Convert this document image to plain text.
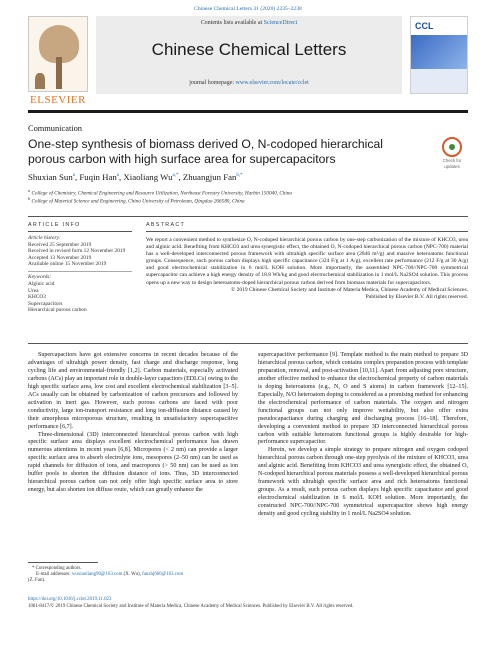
Chinese Chemical Letters 31 (2020) 2235–2238
ELSEVIER
Contents lists available at ScienceDirect
Chinese Chemical Letters
journal homepage: www.elsevier.com/locate/cclet
CCL
Communication
One-step synthesis of biomass derived O, N-codoped hierarchical porous carbon with high surface area for supercapacitors	Check for
updates
Shuxian Sun$^a$, Fuqin Han$^a$, Xiaoliang $Wu^{a,*}$, Zhuangjun Fan$^{b,*}$
$^a$ College of Chemistry, Chemical Engineering and Resource Utilization, Northeast Forestry University, Harbin 150040, China
$^b$ College of Material Science and Engineering, China University of Petroleum, Qingdao 266580, China
ARTICLE INFO	ABSTRACT
Article history:
Received 25 September 2019
Received in revised form 12 November 2019
Accepted 13 November 2019
Available online 15 November 2019
Keywords:
Alginic acid
Urea
KHCO3
Supercapacitors
Hierarchical porous carbon
We report a convenient method to synthesize O, N-codoped hierarchical porous carbon by one-step carbonization of the mixture of KHCO3, urea and alginic acid. Benefiting from KHCO3 and urea synergistic effect, the obtained O, N-codoped hierarchical porous carbon (NPC-700) material has a well-developed interconnected porous framework with ultrahigh specific surface area (2846 m²/g) and massive heteroatoms functional groups. Consequence, such porous carbon displays high specific capacitance (324 F/g at 1 A/g), excellent rate performance (212 F/g at 30 A/g) and good electrochemical stabilization in 6 mol/L KOH solution. More importantly, the assembled NPC-700//NPC-700 symmetrical supercapacitor can achieve a high energy density of 18.8 Wh/kg and good electrochemical stabilization in 1 mol/L Na2SO4 solution. This process opens up a new way to design heteroatoms-doped hierarchical porous carbon derived from biomass materials for supercapacitors.
© 2019 Chinese Chemical Society and Institute of Materia Medica, Chinese Academy of Medical Sciences.
Published by Elsevier B.V. All rights reserved.

Supercapacitors have got extensive concerns in recent decades because of the advantages of ultrahigh power density, fast charge and discharge response, long cycling life and environmental-friendly [1,2]. Carbon materials, especially activated carbons (ACs) play an important role in double-layer capacitors (EDLCs) owing to the high specific surface area, low cost and excellent electrochemical stabilization [3–5]. ACs usually can be obtained by carbonization of carbon precursors and followed by activation in inert gas. However, such porous carbons are faced with poor conductivity, large ion-transport resistance and long ion-diffusion distance caused by their amorphous microporous structure, resulting in unsatisfactory supercapacitive performance [6,7].

Three-dimensional (3D) interconnected hierarchical porous carbon with high specific surface area displays excellent electrochemical performance has drawn numerous attentions in recent years [6,8]. Micropores (< 2 nm) can provide a larger specific surface area to absorb electrolyte ions, mesopores (2–50 nm) can be used as rapid channels for diffusion of ions, and macropores (> 50 nm) can be used as ion buffer pools to shorten the diffusion distance of ions. Thus, 3D interconnected hierarchical porous carbon can not only offer high specific surface area to store energy, but also shorten ion diffuse route, which can greatly enhance the

supercapacitive performance [9]. Template method is the main method to prepare 3D hierarchical porous carbon, which contains complex preparation process with template preparation, removal, and post-activation [10,11]. Apart from adjusting pore structure, another effective method to enhance the electrochemical property of carbon materials is doping heteroatoms (e.g., N, O and S atoms) in carbon framework [12–15]. Especially, N/O heteroatom doping is considered as a promising method for enhancing the electrochemical performance of carbon materials. The oxygen and nitrogen functional groups can not only improve wettability, but also offer extra pseudocapacitance during charging and discharging process [16–18]. Therefore, developing a convenient method to prepare 3D interconnected hierarchical porous carbon with suitable heteroatom functional groups is highly desirable for high-performance supercapacitor.

Herein, we develop a simple strategy to prepare nitrogen and oxygen codoped hierarchical porous carbon through one-step pyrolysis of the mixture of KHCO3, urea and alginic acid. Benefiting from KHCO3 and urea synergistic effect, the obtained O, N-codoped hierarchical porous materials possess a well-developed hierarchical porous framework with ultrahigh specific surface area and rich heteroatoms functional groups. As a result, such porous carbon displays high specific capacitance and good electrochemical stabilization in 6 mol/L KOH solution. More importantly, the constructed NPC-700//NPC-700 symmetrical supercapacitor shows high energy density and good cycling stability in 1 mol/L Na2SO4 solution.

* Corresponding authors.
E-mail addresses: wuxiaoliang90@163.com (X. Wu), fanzhj666@163.com
(Z. Fan).
https://doi.org/10.1016/j.cclet.2019.11.023
1001-8417/© 2019 Chinese Chemical Society and Institute of Materia Medica, Chinese Academy of Medical Sciences. Published by Elsevier B.V. All rights reserved.
